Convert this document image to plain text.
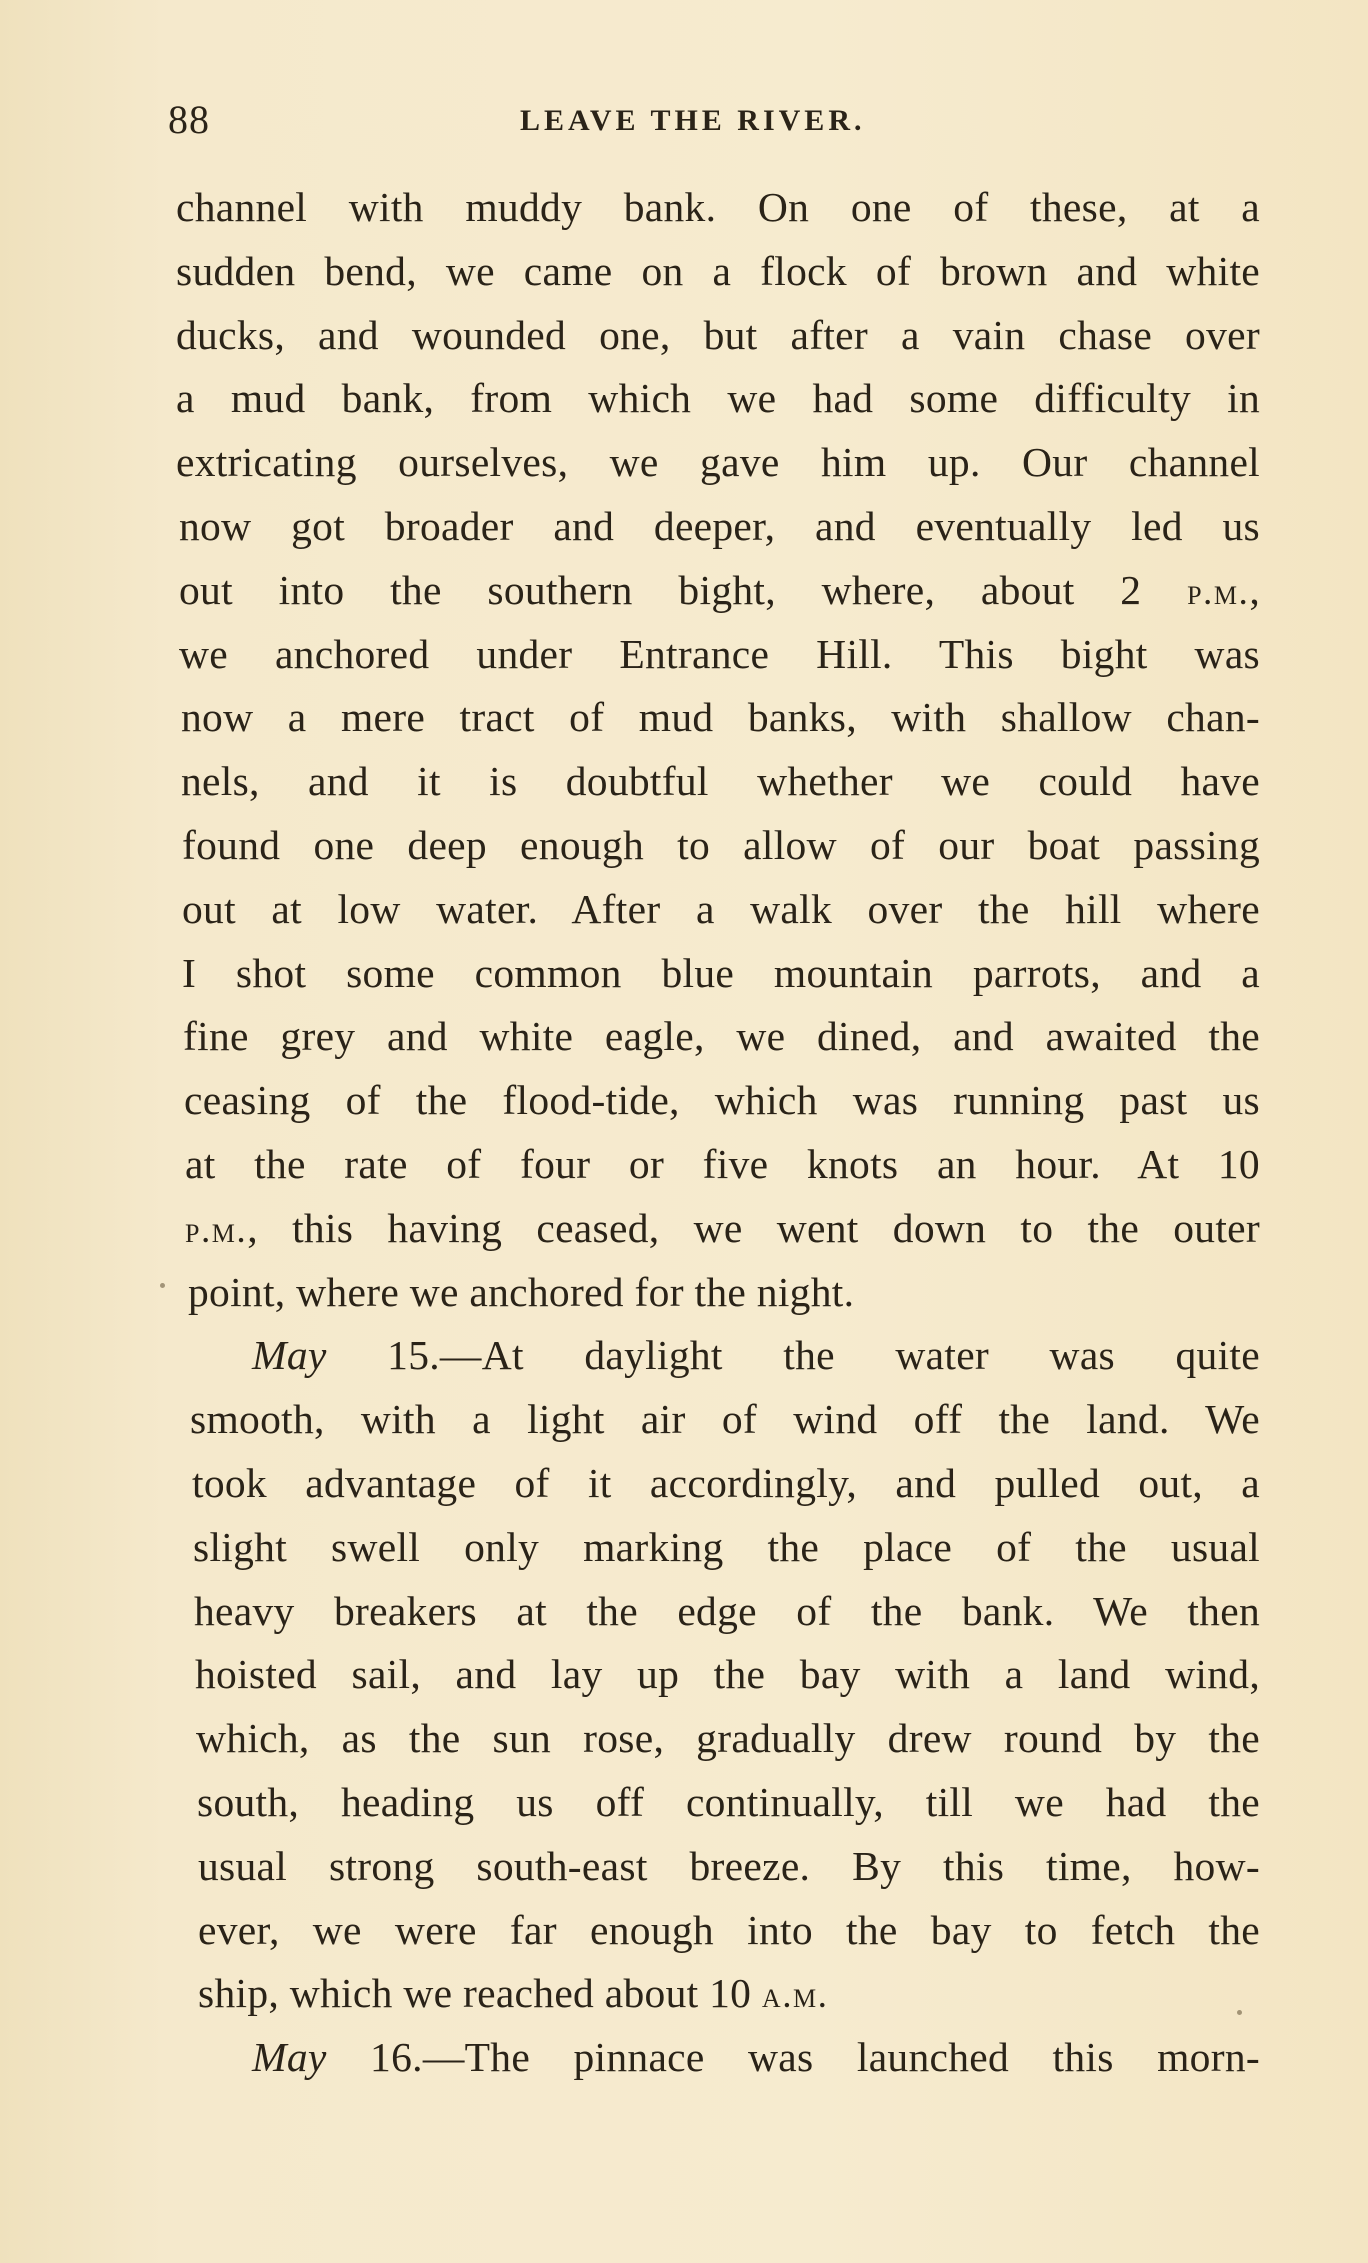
88	LEAVE THE RIVER.
channel with muddy bank. On one of these, at a
sudden bend, we came on a flock of brown and white
ducks, and wounded one, but after a vain chase over
a mud bank, from which we had some difficulty in
extricating ourselves, we gave him up. Our channel
now got broader and deeper, and eventually led us
out into the southern bight, where, about 2 p.m.,
we anchored under Entrance Hill. This bight was
now a mere tract of mud banks, with shallow chan-
nels, and it is doubtful whether we could have
found one deep enough to allow of our boat passing
out at low water. After a walk over the hill where
I shot some common blue mountain parrots, and a
fine grey and white eagle, we dined, and awaited the
ceasing of the flood-tide, which was running past us
at the rate of four or five knots an hour. At 10
p.m., this having ceased, we went down to the outer
point, where we anchored for the night.
May 15.—At daylight the water was quite
smooth, with a light air of wind off the land. We
took advantage of it accordingly, and pulled out, a
slight swell only marking the place of the usual
heavy breakers at the edge of the bank. We then
hoisted sail, and lay up the bay with a land wind,
which, as the sun rose, gradually drew round by the
south, heading us off continually, till we had the
usual strong south-east breeze. By this time, how-
ever, we were far enough into the bay to fetch the
ship, which we reached about 10 a.m.
May 16.—The pinnace was launched this morn-
